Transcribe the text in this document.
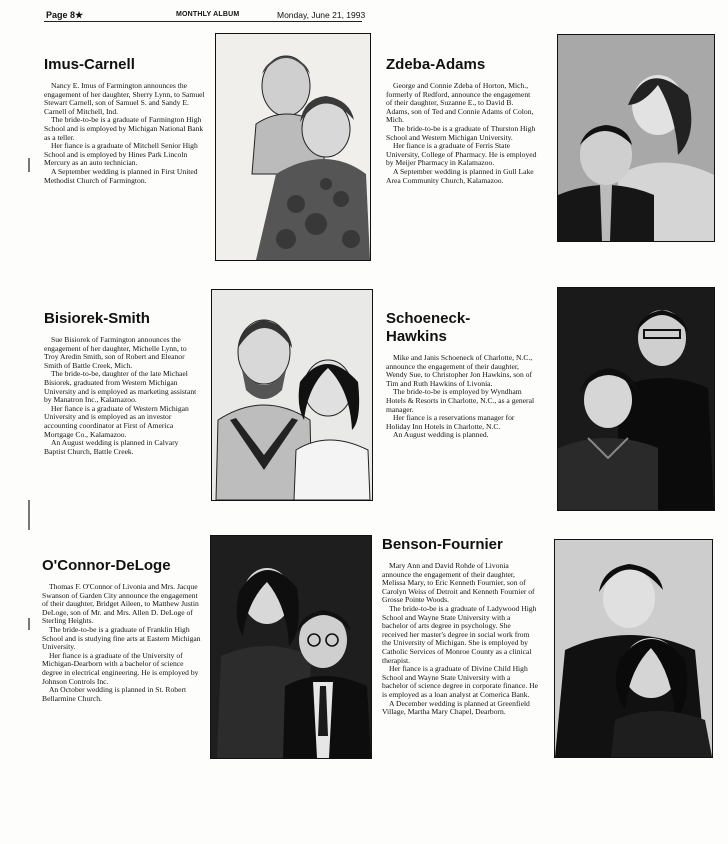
Page 8★	MONTHLY ALBUM	Monday, June 21, 1993
Imus-Carnell

Nancy E. Imus of Farmington announces the engagement of her daughter, Sherry Lynn, to Samuel Stewart Carnell, son of Samuel S. and Sandy E. Carnell of Mitchell, Ind.

The bride-to-be is a graduate of Farmington High School and is employed by Michigan National Bank as a teller.

Her fiance is a graduate of Mitchell Senior High School and is employed by Hines Park Lincoln Mercury as an auto technician.

A September wedding is planned in First United Methodist Church of Farmington.

Zdeba-Adams

George and Connie Zdeba of Horton, Mich., formerly of Redford, announce the engagement of their daughter, Suzanne E., to David B. Adams, son of Ted and Connie Adams of Colon, Mich.

The bride-to-be is a graduate of Thurston High School and Western Michigan University.

Her fiance is a graduate of Ferris State University, College of Pharmacy. He is employed by Meijer Pharmacy in Kalamazoo.

A September wedding is planned in Gull Lake Area Community Church, Kalamazoo.

Bisiorek-Smith

Sue Bisiorek of Farmington announces the engagement of her daughter, Michelle Lynn, to Troy Aredin Smith, son of Robert and Eleanor Smith of Battle Creek, Mich.

The bride-to-be, daughter of the late Michael Bisiorek, graduated from Western Michigan University and is employed as marketing assistant by Manatron Inc., Kalamazoo.

Her fiance is a graduate of Western Michigan University and is employed as an investor accounting coordinator at First of America Mortgage Co., Kalamazoo.

An August wedding is planned in Calvary Baptist Church, Battle Creek.

Schoeneck-Hawkins

Mike and Janis Schoeneck of Charlotte, N.C., announce the engagement of their daughter, Wendy Sue, to Christopher Jon Hawkins, son of Tim and Ruth Hawkins of Livonia.

The bride-to-be is employed by Wyndham Hotels & Resorts in Charlotte, N.C., as a general manager.

Her fiance is a reservations manager for Holiday Inn Hotels in Charlotte, N.C.

An August wedding is planned.

O'Connor-DeLoge

Thomas F. O'Connor of Livonia and Mrs. Jacque Swanson of Garden City announce the engagement of their daughter, Bridget Aileen, to Matthew Justin DeLoge, son of Mr. and Mrs. Allen D. DeLoge of Sterling Heights.

The bride-to-be is a graduate of Franklin High School and is studying fine arts at Eastern Michigan University.

Her fiance is a graduate of the University of Michigan-Dearborn with a bachelor of science degree in electrical engineering. He is employed by Johnson Controls Inc.

An October wedding is planned in St. Robert Bellarmine Church.

Benson-Fournier

Mary Ann and David Rohde of Livonia announce the engagement of their daughter, Melissa Mary, to Eric Kenneth Fournier, son of Carolyn Weiss of Detroit and Kenneth Fournier of Grosse Pointe Woods.

The bride-to-be is a graduate of Ladywood High School and Wayne State University with a bachelor of arts degree in psychology. She received her master's degree in social work from the University of Michigan. She is employed by Catholic Services of Monroe County as a clinical therapist.

Her fiance is a graduate of Divine Child High School and Wayne State University with a bachelor of science degree in corporate finance. He is employed as a loan analyst at Comerica Bank.

A December wedding is planned at Greenfield Village, Martha Mary Chapel, Dearborn.
